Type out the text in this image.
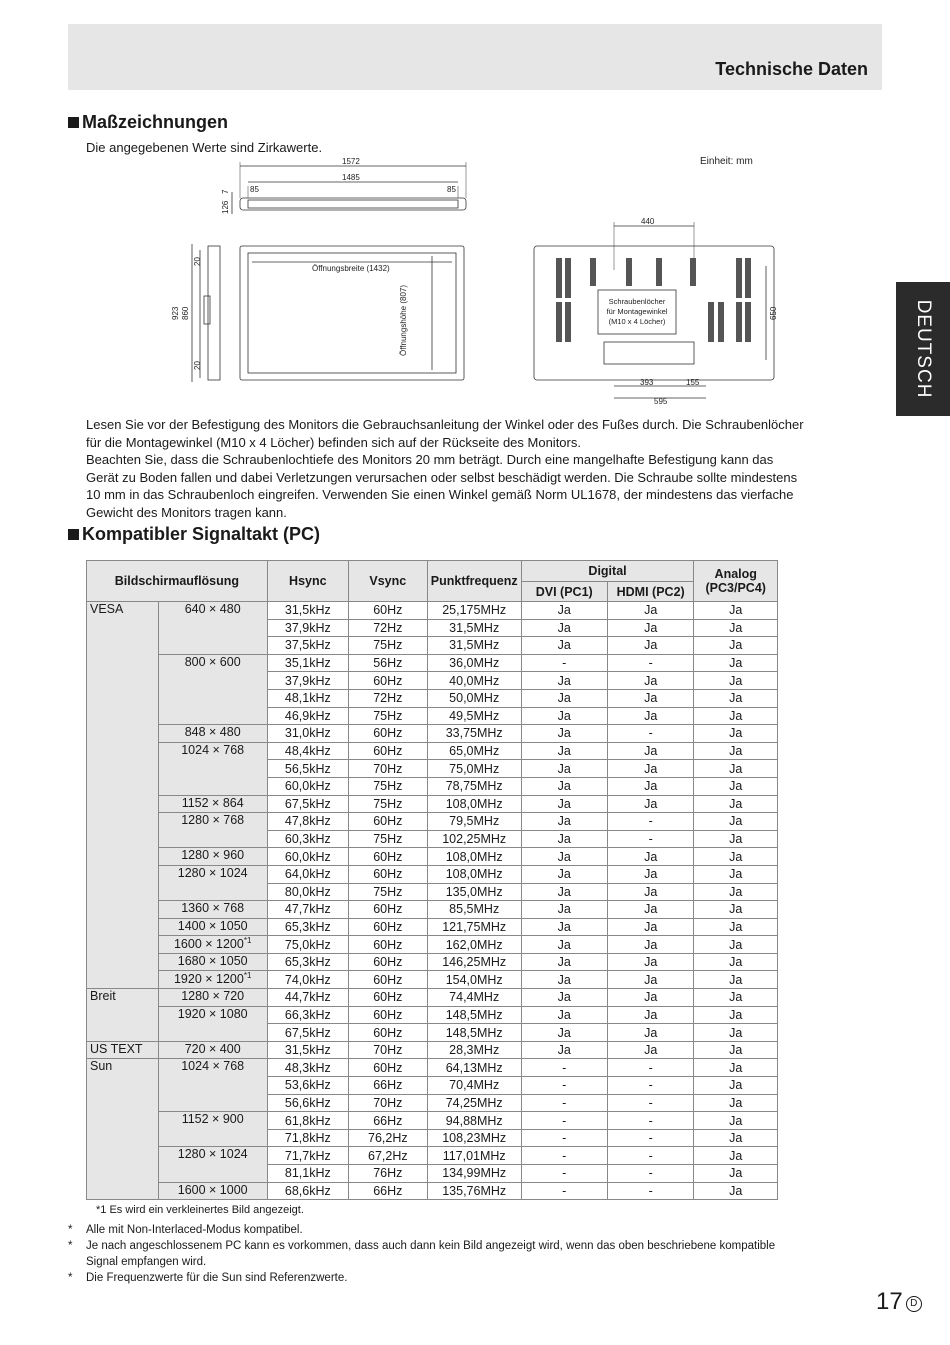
Technische Daten
DEUTSCH
Maßzeichnungen
Die angegebenen Werte sind Zirkawerte.
1572
1485
85	85
126
7
923 860
20
20
Öffnungsbreite (1432)
Öffnungshöhe (807)
440
650
393	155
595
Schraubenlöcher
für Montagewinkel
(M10 x 4 Löcher)
Einheit: mm
Lesen Sie vor der Befestigung des Monitors die Gebrauchsanleitung der Winkel oder des Fußes durch. Die Schraubenlöcher
für die Montagewinkel (M10 x 4 Löcher) befinden sich auf der Rückseite des Monitors.
Beachten Sie, dass die Schraubenlochtiefe des Monitors 20 mm beträgt. Durch eine mangelhafte Befestigung kann das
Gerät zu Boden fallen und dabei Verletzungen verursachen oder selbst beschädigt werden. Die Schraube sollte mindestens
10 mm in das Schraubenloch eingreifen. Verwenden Sie einen Winkel gemäß Norm UL1678, der mindestens das vierfache
Gewicht des Monitors tragen kann.
Kompatibler Signaltakt (PC)
Bildschirmauflösung		Hsync	Vsync	Punktfrequenz	Digital		Analog
(PC3/PC4)

					DVI (PC1)	HDMI (PC2)	
VESA	640 × 480	31,5kHz	60Hz	25,175MHz	Ja	Ja	Ja
		37,9kHz	72Hz	31,5MHz	Ja	Ja	Ja
		37,5kHz	75Hz	31,5MHz	Ja	Ja	Ja
	800 × 600	35,1kHz	56Hz	36,0MHz	-	-	Ja
		37,9kHz	60Hz	40,0MHz	Ja	Ja	Ja
		48,1kHz	72Hz	50,0MHz	Ja	Ja	Ja
		46,9kHz	75Hz	49,5MHz	Ja	Ja	Ja
	848 × 480	31,0kHz	60Hz	33,75MHz	Ja	-	Ja
	1024 × 768	48,4kHz	60Hz	65,0MHz	Ja	Ja	Ja
		56,5kHz	70Hz	75,0MHz	Ja	Ja	Ja
		60,0kHz	75Hz	78,75MHz	Ja	Ja	Ja
	1152 × 864	67,5kHz	75Hz	108,0MHz	Ja	Ja	Ja
	1280 × 768	47,8kHz	60Hz	79,5MHz	Ja	-	Ja
		60,3kHz	75Hz	102,25MHz	Ja	-	Ja
	1280 × 960	60,0kHz	60Hz	108,0MHz	Ja	Ja	Ja
	1280 × 1024	64,0kHz	60Hz	108,0MHz	Ja	Ja	Ja
		80,0kHz	75Hz	135,0MHz	Ja	Ja	Ja
	1360 × 768	47,7kHz	60Hz	85,5MHz	Ja	Ja	Ja
	1400 × 1050	65,3kHz	60Hz	121,75MHz	Ja	Ja	Ja
	$1600 \times 1200^{*1}$	75,0kHz	60Hz	162,0MHz	Ja	Ja	Ja
	1680 × 1050	65,3kHz	60Hz	146,25MHz	Ja	Ja	Ja
	$1920 \times 1200^{*1}$	74,0kHz	60Hz	154,0MHz	Ja	Ja	Ja
Breit	1280 × 720	44,7kHz	60Hz	74,4MHz	Ja	Ja	Ja
	1920 × 1080	66,3kHz	60Hz	148,5MHz	Ja	Ja	Ja
		67,5kHz	60Hz	148,5MHz	Ja	Ja	Ja
US TEXT	720 × 400	31,5kHz	70Hz	28,3MHz	Ja	Ja	Ja
Sun	1024 × 768	48,3kHz	60Hz	64,13MHz	-	-	Ja
		53,6kHz	66Hz	70,4MHz	-	-	Ja
		56,6kHz	70Hz	74,25MHz	-	-	Ja
	1152 × 900	61,8kHz	66Hz	94,88MHz	-	-	Ja
		71,8kHz	76,2Hz	108,23MHz	-	-	Ja
	1280 × 1024	71,7kHz	67,2Hz	117,01MHz	-	-	Ja
		81,1kHz	76Hz	134,99MHz	-	-	Ja
	1600 × 1000	68,6kHz	66Hz	135,76MHz	-	-	Ja
*1 Es wird ein verkleinertes Bild angezeigt.
* Alle mit Non-Interlaced-Modus kompatibel.
* Je nach angeschlossenem PC kann es vorkommen, dass auch dann kein Bild angezeigt wird, wenn das oben beschriebene kompatible
Signal empfangen wird.
* Die Frequenzwerte für die Sun sind Referenzwerte.
17 D
